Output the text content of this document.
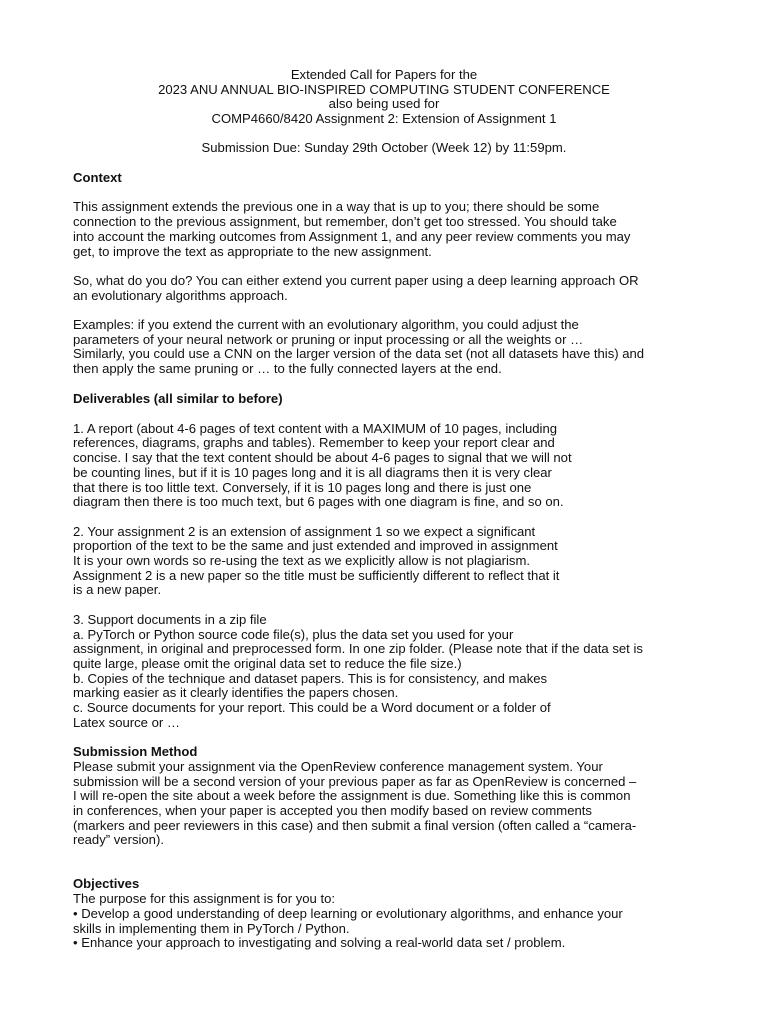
Extended Call for Papers for the
2023 ANU ANNUAL BIO-INSPIRED COMPUTING STUDENT CONFERENCE
also being used for
COMP4660/8420 Assignment 2: Extension of Assignment 1
Submission Due: Sunday 29th October (Week 12) by 11:59pm.
Context

This assignment extends the previous one in a way that is up to you; there should be some
connection to the previous assignment, but remember, don’t get too stressed. You should take
into account the marking outcomes from Assignment 1, and any peer review comments you may
get, to improve the text as appropriate to the new assignment.

So, what do you do? You can either extend you current paper using a deep learning approach OR
an evolutionary algorithms approach.

Examples: if you extend the current with an evolutionary algorithm, you could adjust the
parameters of your neural network or pruning or input processing or all the weights or …
Similarly, you could use a CNN on the larger version of the data set (not all datasets have this) and
then apply the same pruning or … to the fully connected layers at the end.

Deliverables (all similar to before)

1. A report (about 4-6 pages of text content with a MAXIMUM of 10 pages, including
references, diagrams, graphs and tables). Remember to keep your report clear and
concise. I say that the text content should be about 4-6 pages to signal that we will not
be counting lines, but if it is 10 pages long and it is all diagrams then it is very clear
that there is too little text. Conversely, if it is 10 pages long and there is just one
diagram then there is too much text, but 6 pages with one diagram is fine, and so on.

2. Your assignment 2 is an extension of assignment 1 so we expect a significant
proportion of the text to be the same and just extended and improved in assignment
It is your own words so re-using the text as we explicitly allow is not plagiarism.
Assignment 2 is a new paper so the title must be sufficiently different to reflect that it
is a new paper.

3. Support documents in a zip file
a. PyTorch or Python source code file(s), plus the data set you used for your
assignment, in original and preprocessed form. In one zip folder. (Please note that if the data set is
quite large, please omit the original data set to reduce the file size.)
b. Copies of the technique and dataset papers. This is for consistency, and makes
marking easier as it clearly identifies the papers chosen.
c. Source documents for your report. This could be a Word document or a folder of
Latex source or …

Submission Method

Please submit your assignment via the OpenReview conference management system. Your
submission will be a second version of your previous paper as far as OpenReview is concerned –
I will re-open the site about a week before the assignment is due. Something like this is common
in conferences, when your paper is accepted you then modify based on review comments
(markers and peer reviewers in this case) and then submit a final version (often called a “camera-
ready” version).

Objectives

The purpose for this assignment is for you to:
• Develop a good understanding of deep learning or evolutionary algorithms, and enhance your
skills in implementing them in PyTorch / Python.
• Enhance your approach to investigating and solving a real-world data set / problem.
